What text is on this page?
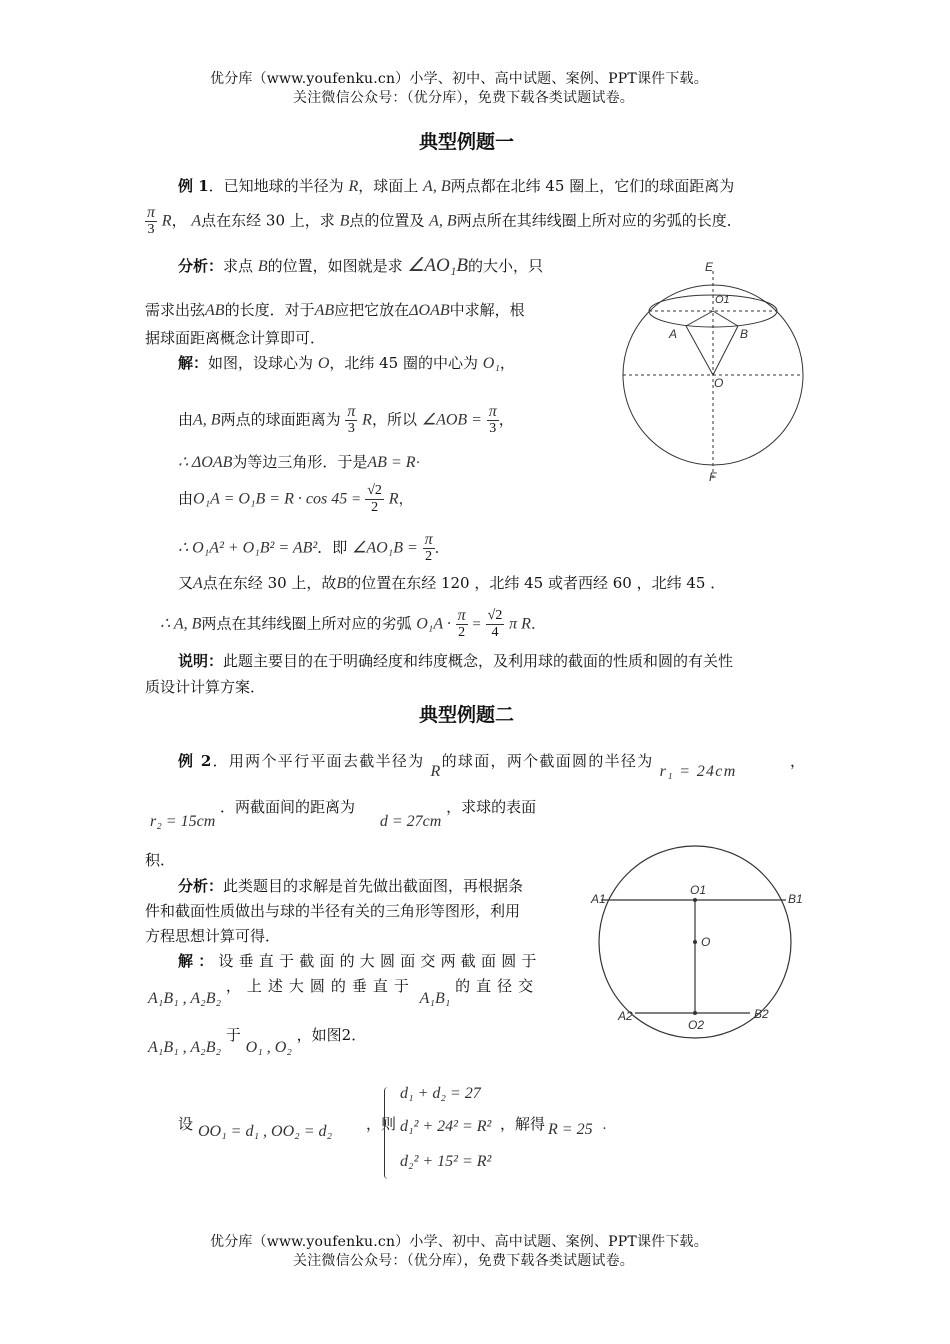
优分库（www.youfenku.cn）小学、初中、高中试题、案例、PPT课件下载。
关注微信公众号：（优分库），免费下载各类试题试卷。
典型例题一
例 1．已知地球的半径为 R，球面上 A, B两点都在北纬 45 圈上，它们的球面距离为
$\frac{\pi}{3}$ R， A点在东经 30 上，求 B点的位置及 A, B两点所在其纬线圈上所对应的劣弧的长度．
分析：求点 B的位置，如图就是求 ∠AO₁B的大小，只
需求出弦AB的长度．对于AB应把它放在ΔOAB中求解，根
据球面距离概念计算即可．
解：如图，设球心为 O，北纬 45 圈的中心为 O₁，
由A, B两点的球面距离为 $\frac{\pi}{3}$ R，所以 ∠AOB = $\frac{\pi}{3}$ ，
∴ ΔOAB为等边三角形．于是AB = R·
由$O_1A = O_1B = R \cdot \cos 45 = \frac{√2}{2}$ R，
∴ O₁A² + O₁B² = AB²．即 ∠AO₁B = $\frac{\pi}{2}$ ．
又A点在东经 30 上，故B的位置在东经 120 ，北纬 45 或者西经 60 ，北纬 45 ．
∴ A, B两点在其纬线圈上所对应的劣弧 $O_1A \cdot \frac{\pi}{2} = \frac{√2}{4}$ π R．
说明：此题主要目的在于明确经度和纬度概念，及利用球的截面的性质和圆的有关性
质设计计算方案．
E
O1
A	B
O
F
典型例题二
例 2．用两个平行平面去截半径为 R的球面，两个截面圆的半径为 r₁ = 24cm
，
r₂ = 15cm ．两截面间的距离为 d = 27cm ，求球的表面
积．
分析：此类题目的求解是首先做出截面图，再根据条
件和截面性质做出与球的半径有关的三角形等图形，利用
方程思想计算可得．
解：设垂直于截面的大圆面交两截面圆于
A₁B₁ , A₂B₂ ，上述大圆的垂直于 A₁B₁ 的直径交
A₁B₁ , A₂B₂ 于 O₁ , O₂ ，如图2．
设 OO₁ = d₁ , OO₂ = d₂ ，则
d₁ + d₂ = 27
d₁² + 24² = R²
d₂² + 15² = R²
，解得 R = 25 ·
A1
O1
B1
O
A2
O2
B2
优分库（www.youfenku.cn）小学、初中、高中试题、案例、PPT课件下载。
关注微信公众号：（优分库），免费下载各类试题试卷。
